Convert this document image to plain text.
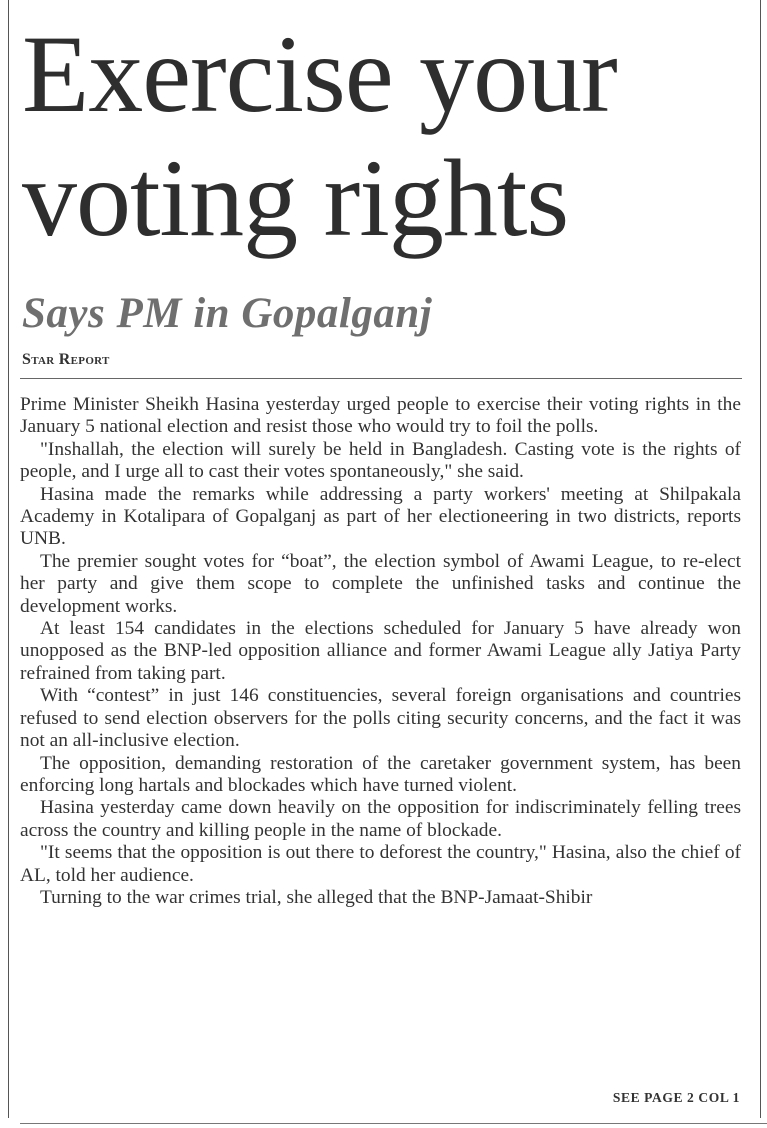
Exercise your voting rights
Says PM in Gopalganj
Star Report

Prime Minister Sheikh Hasina yesterday urged people to exercise their voting rights in the January 5 national election and resist those who would try to foil the polls.

"Inshallah, the election will surely be held in Bangladesh. Casting vote is the rights of people, and I urge all to cast their votes spontaneously," she said.

Hasina made the remarks while addressing a party workers' meeting at Shilpakala Academy in Kotalipara of Gopalganj as part of her electioneering in two districts, reports UNB.

The premier sought votes for “boat”, the election symbol of Awami League, to re-elect her party and give them scope to complete the unfinished tasks and continue the development works.

At least 154 candidates in the elections scheduled for January 5 have already won unopposed as the BNP-led opposition alliance and former Awami League ally Jatiya Party refrained from taking part.

With “contest” in just 146 constituencies, several foreign organisations and countries refused to send election observers for the polls citing security concerns, and the fact it was not an all-inclusive election.

The opposition, demanding restoration of the caretaker government system, has been enforcing long hartals and blockades which have turned violent.

Hasina yesterday came down heavily on the opposition for indiscriminately felling trees across the country and killing people in the name of blockade.

"It seems that the opposition is out there to deforest the country," Hasina, also the chief of AL, told her audience.

Turning to the war crimes trial, she alleged that the BNP-Jamaat-Shibir

SEE PAGE 2 COL 1
